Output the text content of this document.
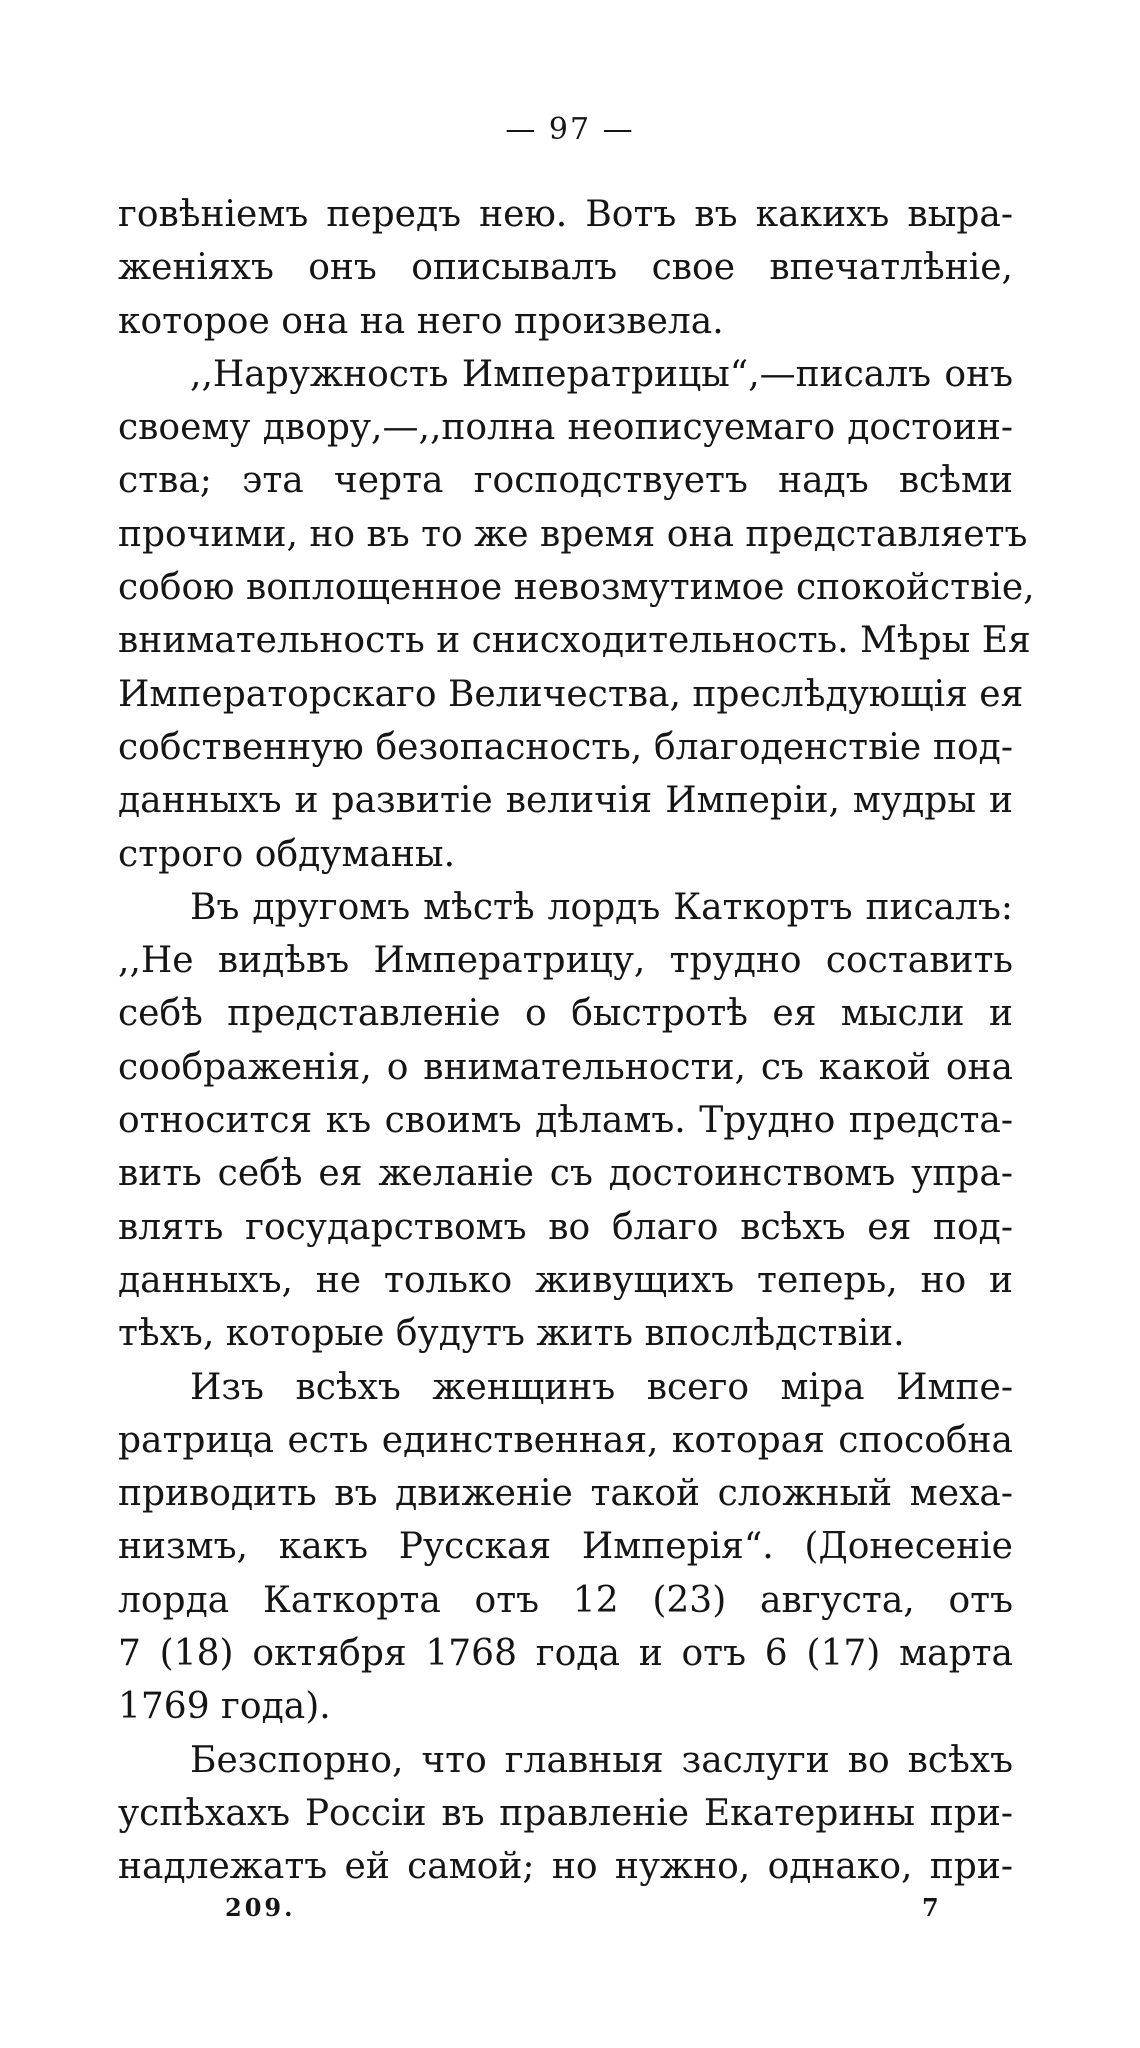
— 97 —
говѣніемъ передъ нею. Вотъ въ какихъ выра-
женіяхъ онъ описывалъ свое впечатлѣніе,
которое она на него произвела.
,,Наружность Императрицы“,—писалъ онъ
своему двору,—,,полна неописуемаго достоин-
ства; эта черта господствуетъ надъ всѣми
прочими, но въ то же время она представляетъ
собою воплощенное невозмутимое спокойствіе,
внимательность и снисходительность. Мѣры Ея
Императорскаго Величества, преслѣдующія ея
собственную безопасность, благоденствіе под-
данныхъ и развитіе величія Имперіи, мудры и
строго обдуманы.
Въ другомъ мѣстѣ лордъ Каткортъ писалъ:
,,Не видѣвъ Императрицу, трудно составить
себѣ представленіе о быстротѣ ея мысли и
соображенія, о внимательности, съ какой она
относится къ своимъ дѣламъ. Трудно предста-
вить себѣ ея желаніе съ достоинствомъ упра-
влять государствомъ во благо всѣхъ ея под-
данныхъ, не только живущихъ теперь, но и
тѣхъ, которые будутъ жить впослѣдствіи.
Изъ всѣхъ женщинъ всего міра Импе-
ратрица есть единственная, которая способна
приводить въ движеніе такой сложный меха-
низмъ, какъ Русская Имперія“. (Донесеніе
лорда Каткорта отъ 12 (23) августа, отъ
7 (18) октября 1768 года и отъ 6 (17) марта
1769 года).
Безспорно, что главныя заслуги во всѣхъ
успѣхахъ Россіи въ правленіе Екатерины при-
надлежатъ ей самой; но нужно, однако, при-
209.	7
